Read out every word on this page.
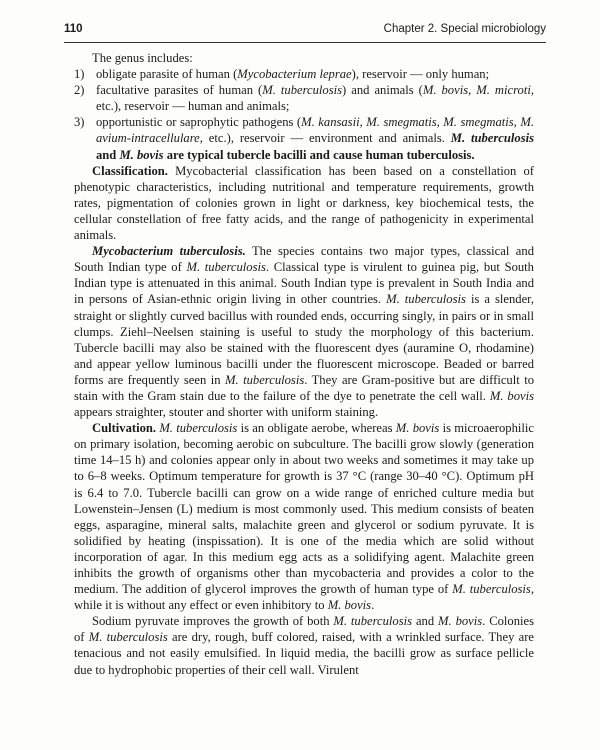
110	Chapter 2. Special microbiology

The genus includes:

1) obligate parasite of human (Mycobacterium leprae), reservoir — only human;
2) facultative parasites of human (M. tuberculosis) and animals (M. bovis, M. microti, etc.), reservoir — human and animals;
3) opportunistic or saprophytic pathogens (M. kansasii, M. smegmatis, M. smegmatis, M. avium-intracellulare, etc.), reservoir — environment and animals. M. tuberculosis and M. bovis are typical tubercle bacilli and cause human tuberculosis.

Classification. Mycobacterial classification has been based on a constellation of phenotypic characteristics, including nutritional and temperature requirements, growth rates, pigmentation of colonies grown in light or darkness, key biochemical tests, the cellular constellation of free fatty acids, and the range of pathogenicity in experimental animals.

Mycobacterium tuberculosis. The species contains two major types, classical and South Indian type of M. tuberculosis. Classical type is virulent to guinea pig, but South Indian type is attenuated in this animal. South Indian type is prevalent in South India and in persons of Asian-ethnic origin living in other countries. M. tuberculosis is a slender, straight or slightly curved bacillus with rounded ends, occurring singly, in pairs or in small clumps. Ziehl–Neelsen staining is useful to study the morphology of this bacterium. Tubercle bacilli may also be stained with the fluorescent dyes (auramine O, rhodamine) and appear yellow luminous bacilli under the fluorescent microscope. Beaded or barred forms are frequently seen in M. tuberculosis. They are Gram-positive but are difficult to stain with the Gram stain due to the failure of the dye to penetrate the cell wall. M. bovis appears straighter, stouter and shorter with uniform staining.

Cultivation. M. tuberculosis is an obligate aerobe, whereas M. bovis is microaerophilic on primary isolation, becoming aerobic on subculture. The bacilli grow slowly (generation time 14–15 h) and colonies appear only in about two weeks and sometimes it may take up to 6–8 weeks. Optimum temperature for growth is 37 °C (range 30–40 °C). Optimum pH is 6.4 to 7.0. Tubercle bacilli can grow on a wide range of enriched culture media but Lowenstein–Jensen (L) medium is most commonly used. This medium consists of beaten eggs, asparagine, mineral salts, malachite green and glycerol or sodium pyruvate. It is solidified by heating (inspissation). It is one of the media which are solid without incorporation of agar. In this medium egg acts as a solidifying agent. Malachite green inhibits the growth of organisms other than mycobacteria and provides a color to the medium. The addition of glycerol improves the growth of human type of M. tuberculosis, while it is without any effect or even inhibitory to M. bovis.

Sodium pyruvate improves the growth of both M. tuberculosis and M. bovis. Colonies of M. tuberculosis are dry, rough, buff colored, raised, with a wrinkled surface. They are tenacious and not easily emulsified. In liquid media, the bacilli grow as surface pellicle due to hydrophobic properties of their cell wall. Virulent
